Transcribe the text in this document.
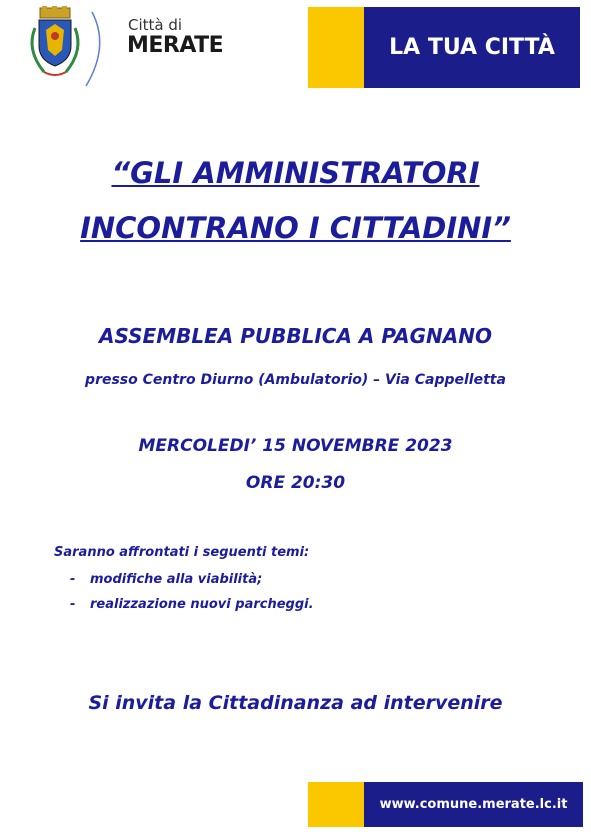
Città di
MERATE	LA TUA CITTÀ
“GLI AMMINISTRATORI
INCONTRANO I CITTADINI”
ASSEMBLEA PUBBLICA A PAGNANO
presso Centro Diurno (Ambulatorio) – Via Cappelletta
MERCOLEDI’ 15 NOVEMBRE 2023
ORE 20:30
Saranno affrontati i seguenti temi:
- modifiche alla viabilità;
- realizzazione nuovi parcheggi.
Si invita la Cittadinanza ad intervenire
www.comune.merate.lc.it
